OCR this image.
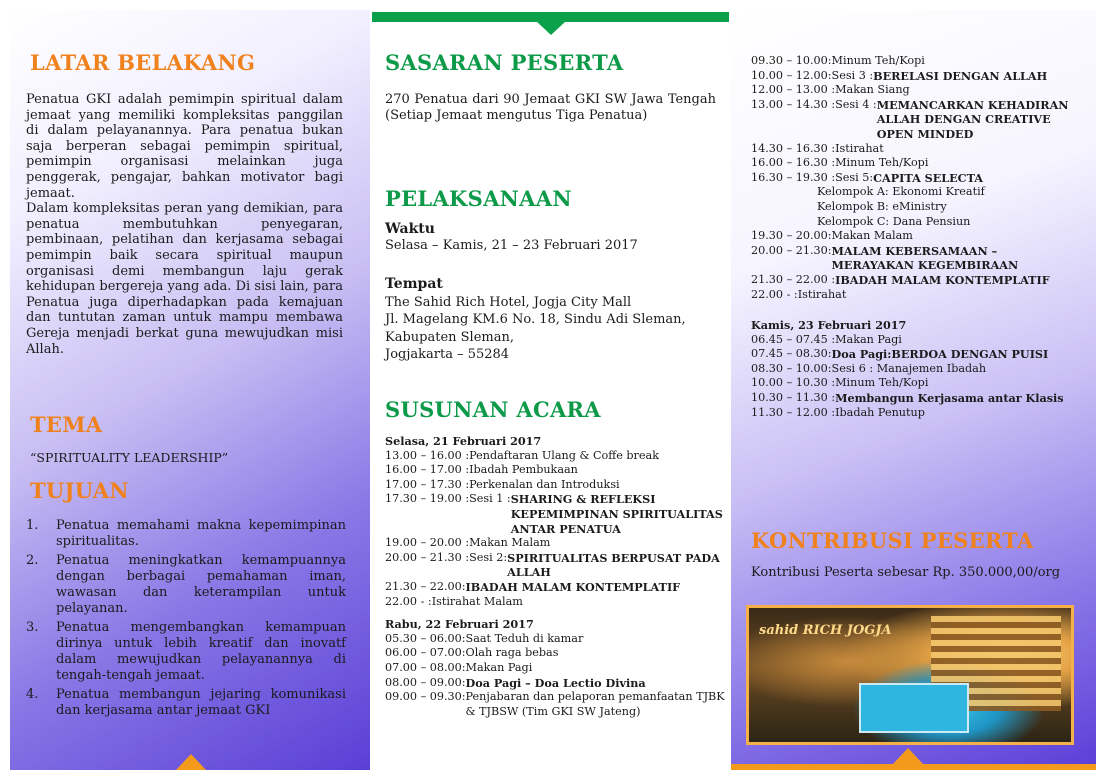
LATAR BELAKANG

Penatua GKI adalah pemimpin spiritual dalam jemaat yang memiliki kompleksitas panggilan di dalam pelayanannya. Para penatua bukan saja berperan sebagai pemimpin spiritual, pemimpin organisasi melainkan juga penggerak, pengajar, bahkan motivator bagi jemaat.

Dalam kompleksitas peran yang demikian, para penatua membutuhkan penyegaran, pembinaan, pelatihan dan kerjasama sebagai pemimpin baik secara spiritual maupun organisasi demi membangun laju gerak kehidupan bergereja yang ada. Di sisi lain, para Penatua juga diperhadapkan pada kemajuan dan tuntutan zaman untuk mampu membawa Gereja menjadi berkat guna mewujudkan misi Allah.

TEMA
“SPIRITUALITY LEADERSHIP”
TUJUAN
1.	Penatua memahami makna kepemimpinan spiritualitas.
2.	Penatua meningkatkan kemampuannya dengan berbagai pemahaman iman, wawasan dan keterampilan untuk pelayanan.
3.	Penatua mengembangkan kemampuan dirinya untuk lebih kreatif dan inovatf dalam mewujudkan pelayanannya di tengah-tengah jemaat.
4.	Penatua membangun jejaring komunikasi dan kerjasama antar jemaat GKI
SASARAN PESERTA
270 Penatua dari 90 Jemaat GKI SW Jawa Tengah (Setiap Jemaat mengutus Tiga Penatua)
PELAKSANAAN
Waktu
Selasa – Kamis, 21 – 23 Februari 2017
Tempat
The Sahid Rich Hotel, Jogja City Mall
Jl. Magelang KM.6 No. 18, Sindu Adi Sleman,
Kabupaten Sleman,
Jogjakarta – 55284
SUSUNAN ACARA
Selasa, 21 Februari 2017
13.00 – 16.00 : Pendaftaran Ulang & Coffe break
16.00 – 17.00 : Ibadah Pembukaan
17.00 – 17.30 : Perkenalan dan Introduksi
17.30 – 19.00 : Sesi 1 : SHARING & REFLEKSI KEPEMIMPINAN SPIRITUALITAS ANTAR PENATUA
19.00 – 20.00 : Makan Malam
20.00 – 21.30 : Sesi 2: SPIRITUALITAS BERPUSAT PADA ALLAH
21.30 – 22.00: IBADAH MALAM KONTEMPLATIF
22.00 - : Istirahat Malam
Rabu, 22 Februari 2017
05.30 – 06.00: Saat Teduh di kamar
06.00 – 07.00: Olah raga bebas
07.00 – 08.00: Makan Pagi
08.00 – 09.00: Doa Pagi – Doa Lectio Divina
09.00 – 09.30: Penjabaran dan pelaporan pemanfaatan TJBK & TJBSW (Tim GKI SW Jateng)
09.30 – 10.00: Minum Teh/Kopi
10.00 – 12.00: Sesi 3 : BERELASI DENGAN ALLAH
12.00 – 13.00 : Makan Siang
13.00 – 14.30 : Sesi 4 : MEMANCARKAN KEHADIRAN ALLAH DENGAN CREATIVE OPEN MINDED
14.30 – 16.30 : Istirahat
16.00 – 16.30 : Minum Teh/Kopi
16.30 – 19.30 : Sesi 5: CAPITA SELECTA
Kelompok A: Ekonomi Kreatif
Kelompok B: eMinistry
Kelompok C: Dana Pensiun
19.30 – 20.00: Makan Malam
20.00 – 21.30: MALAM KEBERSAMAAN – MERAYAKAN KEGEMBIRAAN
21.30 – 22.00 : IBADAH MALAM KONTEMPLATIF
22.00 - : Istirahat
Kamis, 23 Februari 2017
06.45 – 07.45 : Makan Pagi
07.45 – 08.30: Doa Pagi: BERDOA DENGAN PUISI
08.30 – 10.00: Sesi 6 : Manajemen Ibadah
10.00 – 10.30 : Minum Teh/Kopi
10.30 – 11.30 : Membangun Kerjasama antar Klasis
11.30 – 12.00 : Ibadah Penutup
KONTRIBUSI PESERTA
Kontribusi Peserta sebesar Rp. 350.000,00/org
sahid RICH JOGJA
